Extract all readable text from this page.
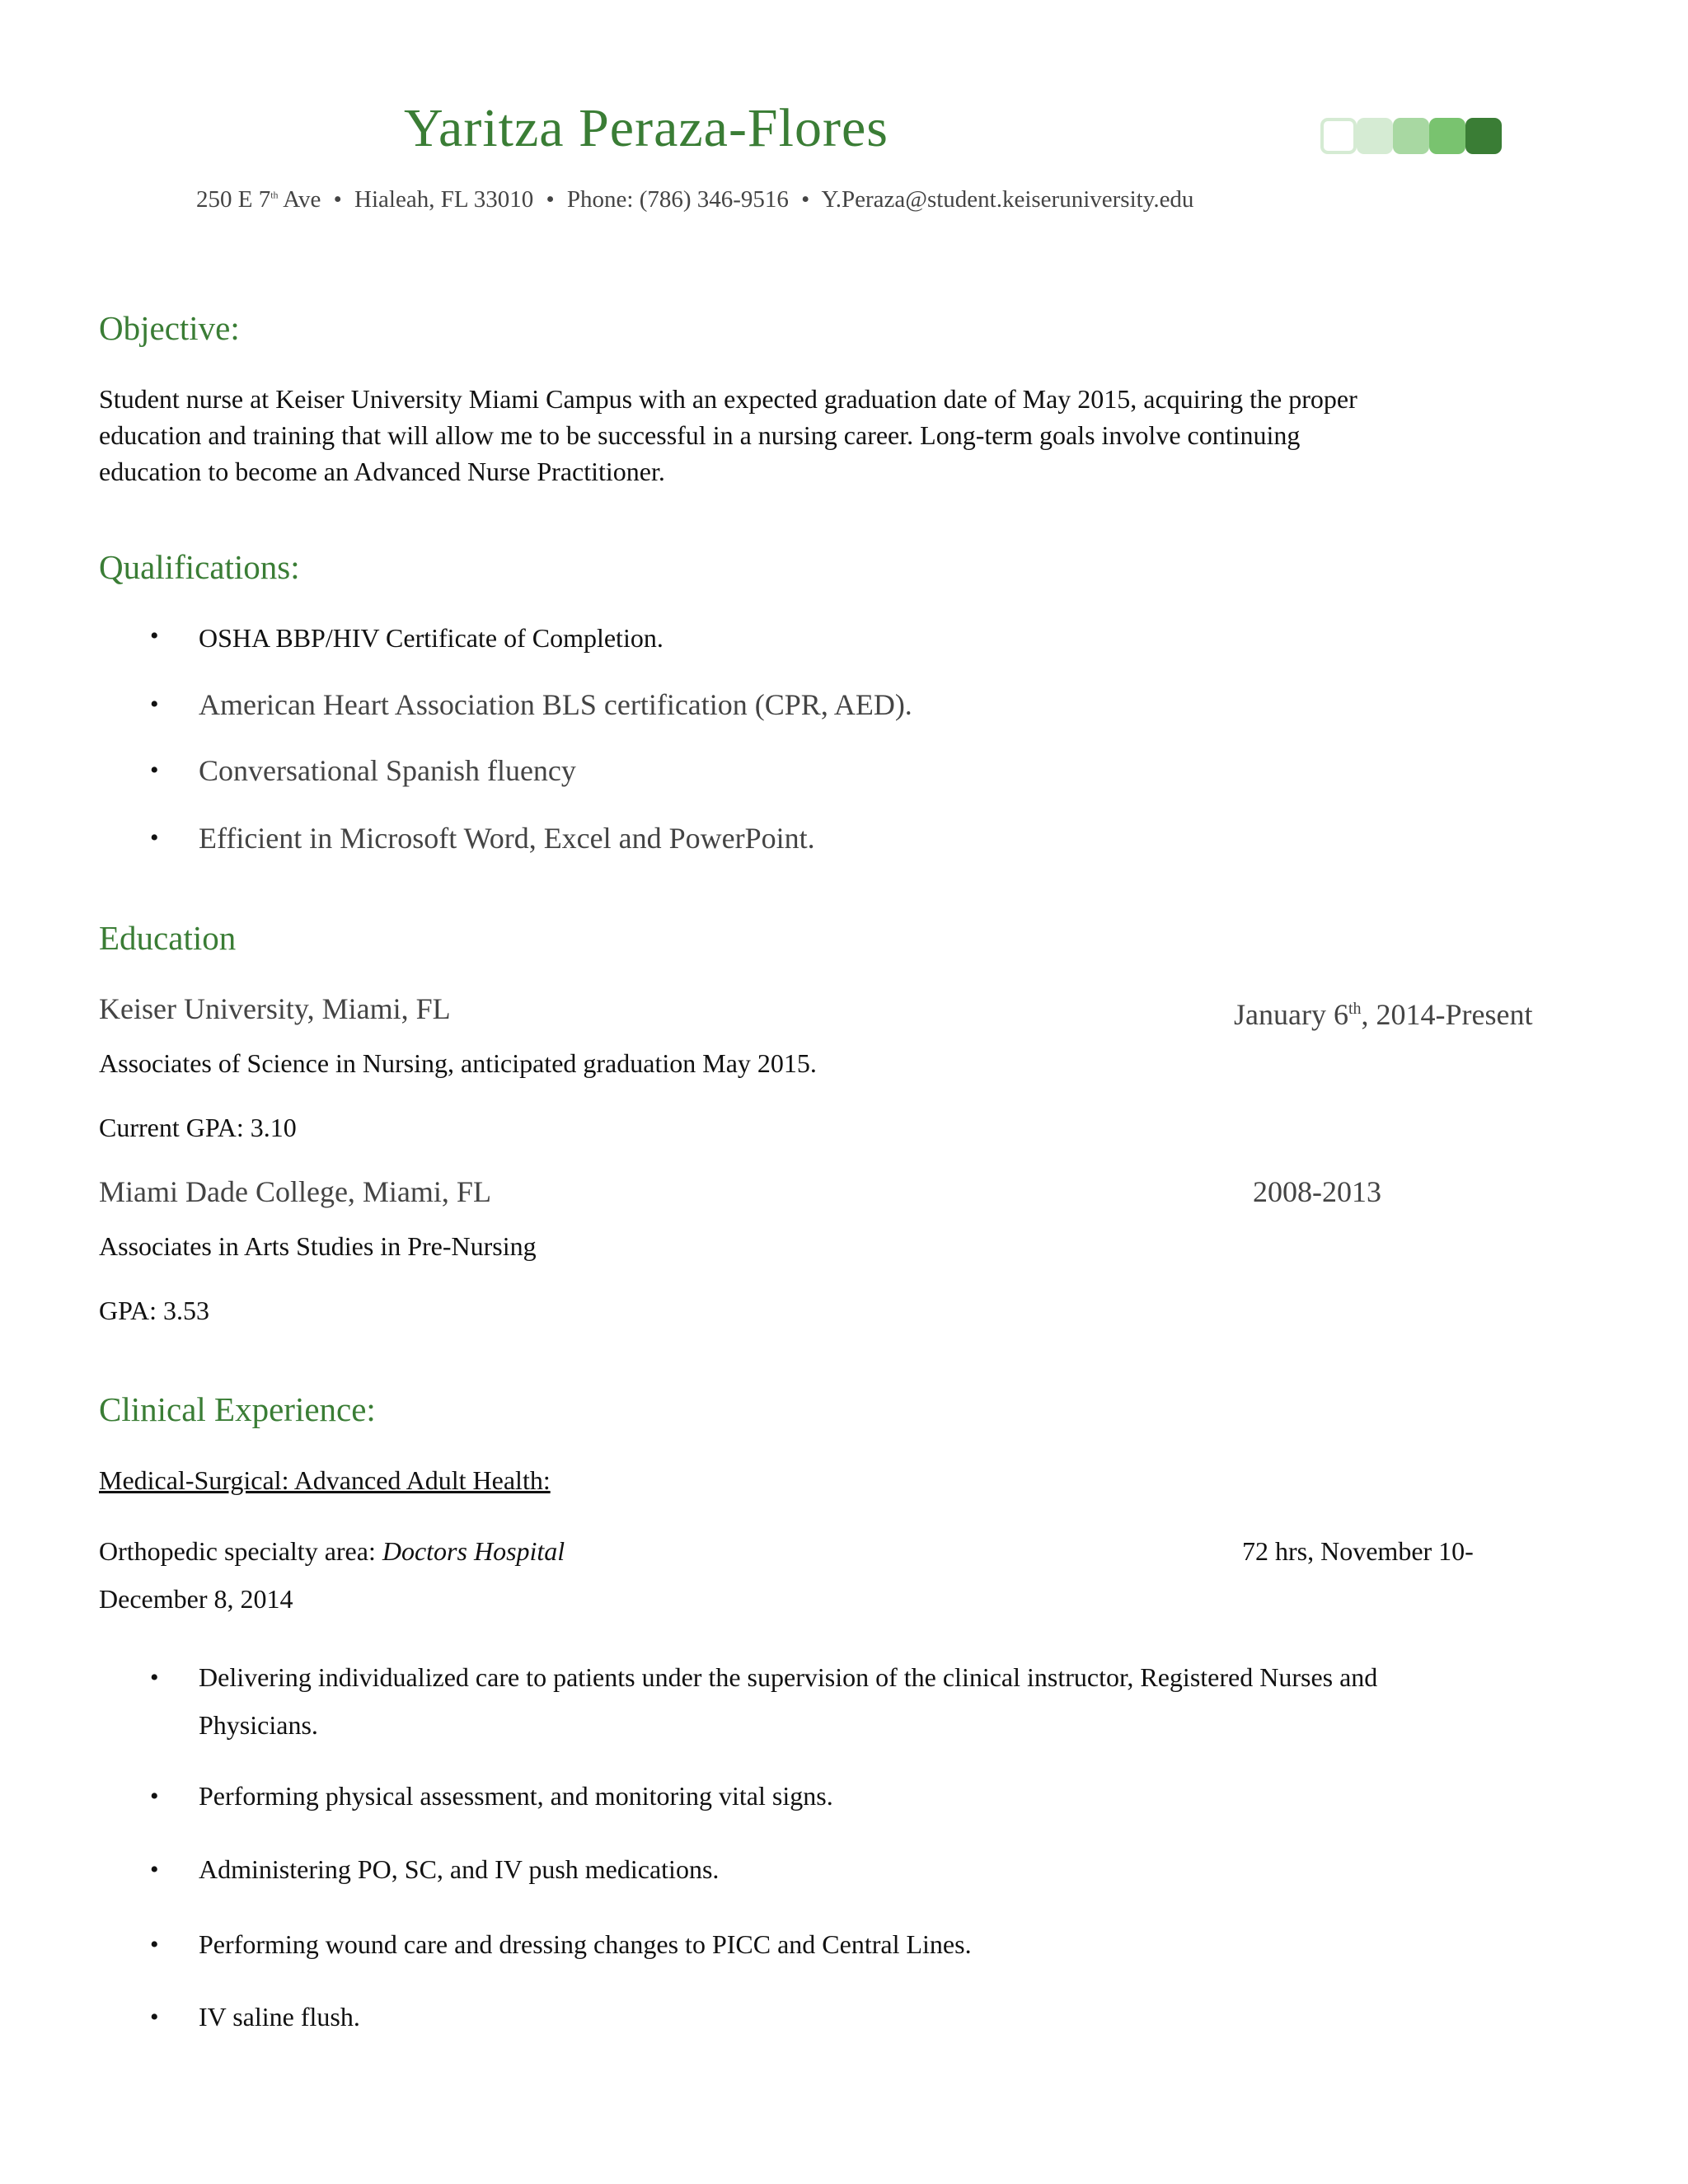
Yaritza Peraza-Flores
250 E 7th Ave • Hialeah, FL 33010 • Phone: (786) 346-9516 • Y.Peraza@student.keiseruniversity.edu
Objective:
Student nurse at Keiser University Miami Campus with an expected graduation date of May 2015, acquiring the proper
education and training that will allow me to be successful in a nursing career. Long-term goals involve continuing
education to become an Advanced Nurse Practitioner.
Qualifications:
• OSHA BBP/HIV Certificate of Completion.
• American Heart Association BLS certification (CPR, AED).
• Conversational Spanish fluency
• Efficient in Microsoft Word, Excel and PowerPoint.
Education
Keiser University, Miami, FL	January 6th, 2014-Present
Associates of Science in Nursing, anticipated graduation May 2015.
Current GPA: 3.10
Miami Dade College, Miami, FL	2008-2013
Associates in Arts Studies in Pre-Nursing
GPA: 3.53
Clinical Experience:
Medical-Surgical: Advanced Adult Health:
Orthopedic specialty area: Doctors Hospital	72 hrs, November 10-
December 8, 2014
• Delivering individualized care to patients under the supervision of the clinical instructor, Registered Nurses and
Physicians.
• Performing physical assessment, and monitoring vital signs.
• Administering PO, SC, and IV push medications.
• Performing wound care and dressing changes to PICC and Central Lines.
• IV saline flush.
